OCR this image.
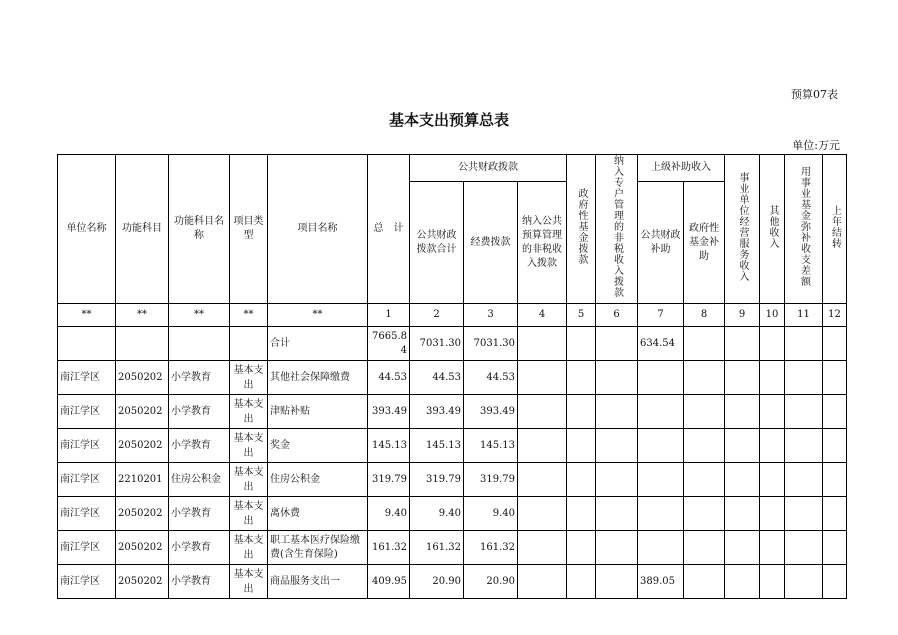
预算07表
基本支出预算总表
单位:万元
单位名称	功能科目	功能科目名称	项目类型	项目名称	总　计	公共财政拨款			政府性基金拨款	纳入专户管理的非税收入拨款	上级补助收入		事业单位经营服务收入	其他收入	用事业基金弥补收支差额	上年结转
						公共财政拨款合计	经费拨款	纳入公共预算管理的非税收入拨款			公共财政补助	政府性基金补助				

**	**	**	**	**	1	2	3	4	5	6	7	8	9	10	11	12
				合计	7665.84	7031.30	7031.30				634.54					
南江学区	2050202	小学教育	基本支出	其他社会保障缴费	44.53	44.53	44.53									
南江学区	2050202	小学教育	基本支出	津贴补贴	393.49	393.49	393.49									
南江学区	2050202	小学教育	基本支出	奖金	145.13	145.13	145.13									
南江学区	2210201	住房公积金	基本支出	住房公积金	319.79	319.79	319.79									
南江学区	2050202	小学教育	基本支出	离休费	9.40	9.40	9.40									
南江学区	2050202	小学教育	基本支出	职工基本医疗保险缴费(含生育保险)	161.32	161.32	161.32									
南江学区	2050202	小学教育	基本支出	商品服务支出一	409.95	20.90	20.90				389.05					
